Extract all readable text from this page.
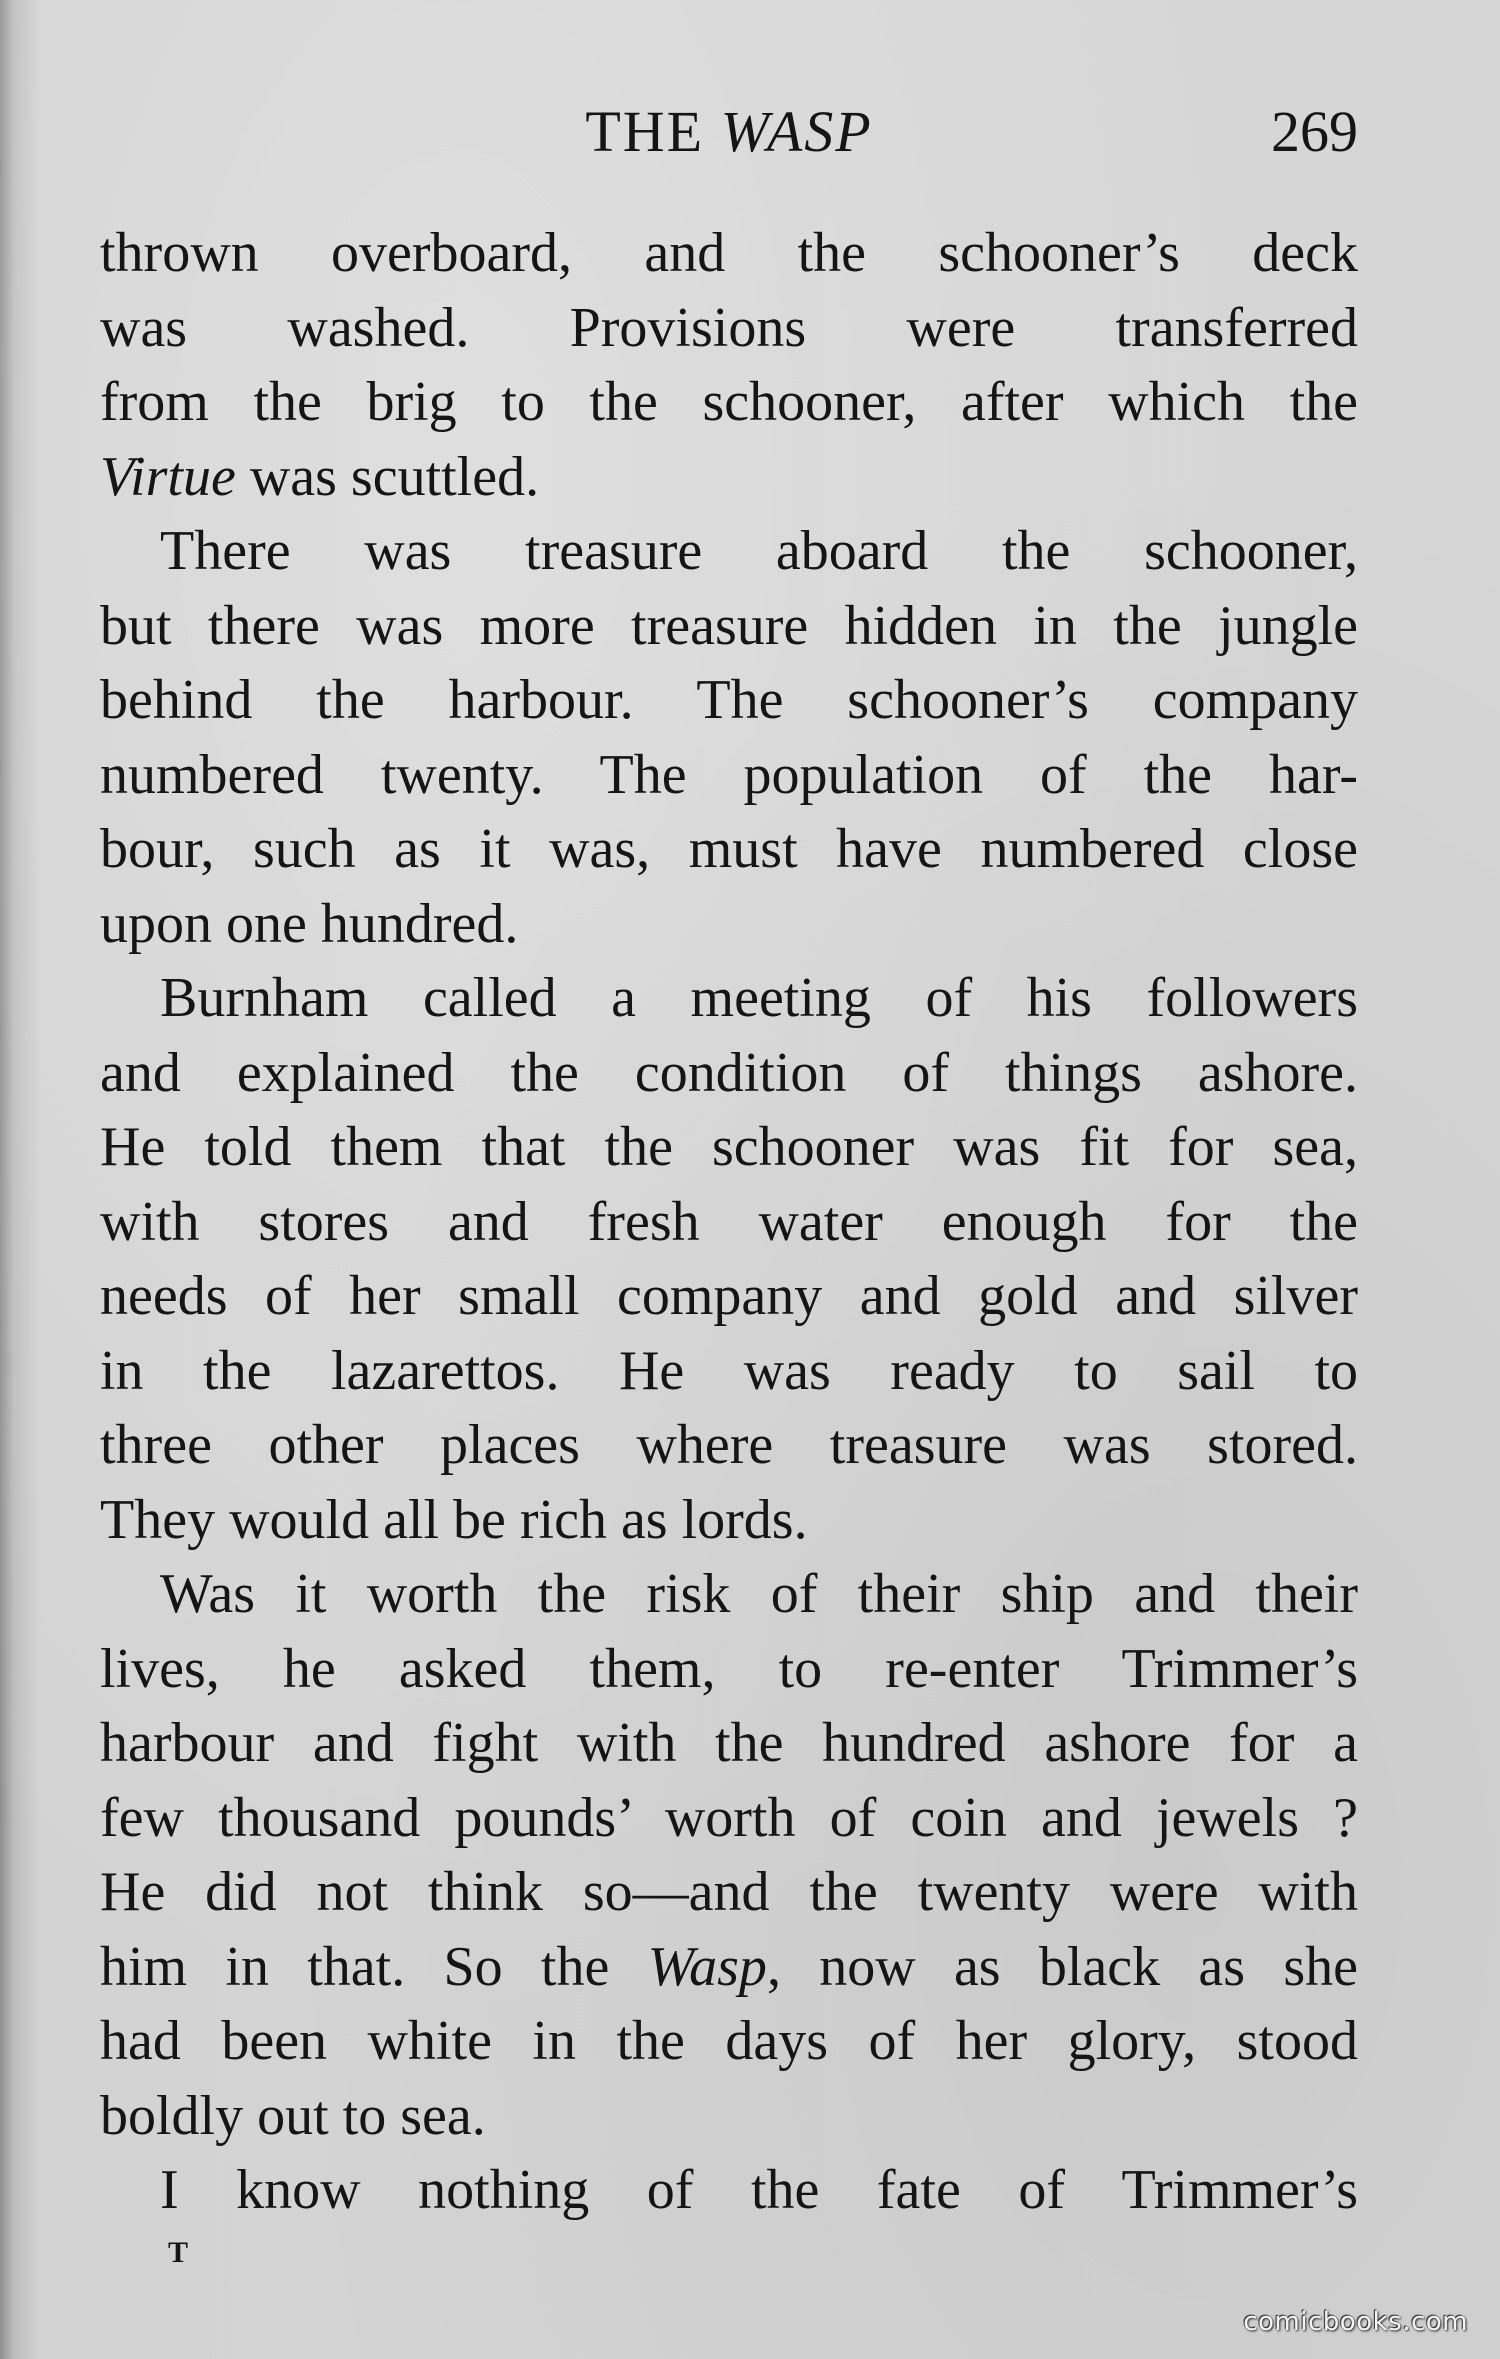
THE WASP	269
thrown overboard, and the schooner’s deck
was washed. Provisions were transferred
from the brig to the schooner, after which the
Virtue was scuttled.
There was treasure aboard the schooner,
but there was more treasure hidden in the jungle
behind the harbour. The schooner’s company
numbered twenty. The population of the har-
bour, such as it was, must have numbered close
upon one hundred.
Burnham called a meeting of his followers
and explained the condition of things ashore.
He told them that the schooner was fit for sea,
with stores and fresh water enough for the
needs of her small company and gold and silver
in the lazarettos. He was ready to sail to
three other places where treasure was stored.
They would all be rich as lords.
Was it worth the risk of their ship and their
lives, he asked them, to re-enter Trimmer’s
harbour and fight with the hundred ashore for a
few thousand pounds’ worth of coin and jewels ?
He did not think so—and the twenty were with
him in that. So the Wasp, now as black as she
had been white in the days of her glory, stood
boldly out to sea.
I know nothing of the fate of Trimmer’s
T
comicbooks.com
